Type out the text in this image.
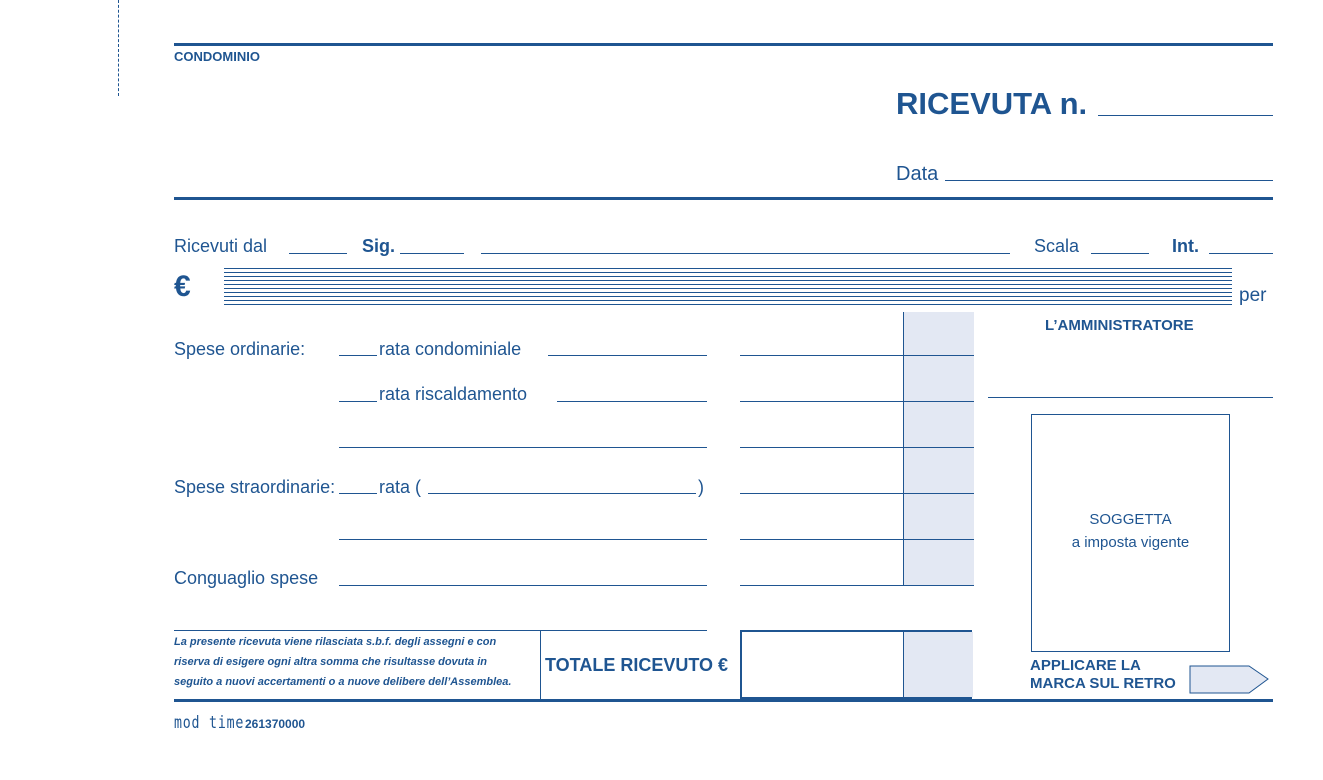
CONDOMINIO
RICEVUTA n.
Data
Ricevuti dal	Sig.	Scala	Int.
€	per
Spese ordinarie:	rata condominiale
rata riscaldamento
Spese straordinarie: rata (	)
Conguaglio spese
L’AMMINISTRATORE
SOGGETTA
a imposta vigente
La presente ricevuta viene rilasciata s.b.f. degli assegni e con
riserva di esigere ogni altra somma che risultasse dovuta in
seguito a nuovi accertamenti o a nuove delibere dell’Assemblea.
TOTALE RICEVUTO €	APPLICARE LA
MARCA SUL RETRO
mod time 261370000
